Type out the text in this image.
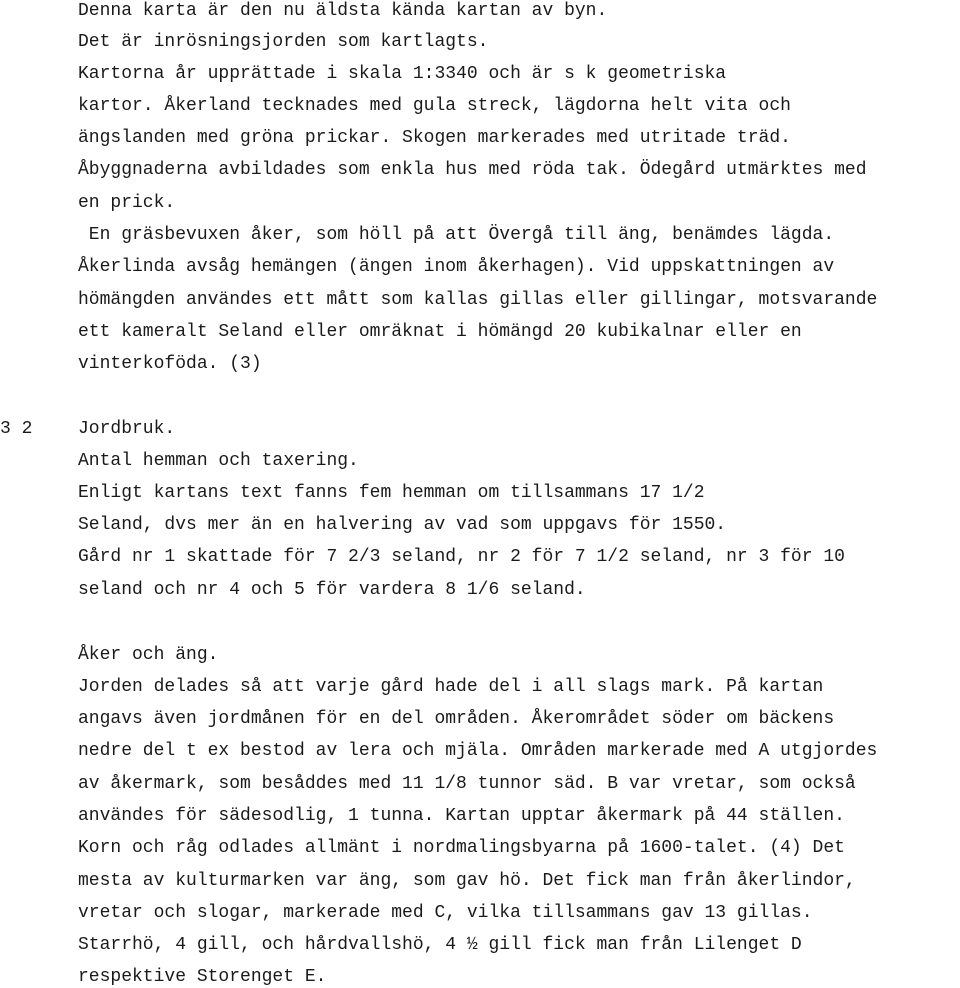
Denna karta är den nu äldsta kända kartan av byn.
Det är inrösningsjorden som kartlagts.
Kartorna år upprättade i skala 1:3340 och är s k geometriska
kartor. Åkerland tecknades med gula streck, lägdorna helt vita och
ängslanden med gröna prickar. Skogen markerades med utritade träd.
Åbyggnaderna avbildades som enkla hus med röda tak. Ödegård utmärktes med
en prick.
En gräsbevuxen åker, som höll på att Övergå till äng, benämdes lägda.
Åkerlinda avsåg hemängen (ängen inom åkerhagen). Vid uppskattningen av
hömängden användes ett mått som kallas gillas eller gillingar, motsvarande
ett kameralt Seland eller omräknat i hömängd 20 kubikalnar eller en
vinterkoföda. (3)
3 2	Jordbruk.
Antal hemman och taxering.
Enligt kartans text fanns fem hemman om tillsammans 17 1/2
Seland, dvs mer än en halvering av vad som uppgavs för 1550.
Gård nr 1 skattade för 7 2/3 seland, nr 2 för 7 1/2 seland, nr 3 för 10
seland och nr 4 och 5 för vardera 8 1/6 seland.
Åker och äng.
Jorden delades så att varje gård hade del i all slags mark. På kartan
angavs även jordmånen för en del områden. Åkerområdet söder om bäckens
nedre del t ex bestod av lera och mjäla. Områden markerade med A utgjordes
av åkermark, som besåddes med 11 1/8 tunnor säd. B var vretar, som också
användes för sädesodlig, 1 tunna. Kartan upptar åkermark på 44 ställen.
Korn och råg odlades allmänt i nordmalingsbyarna på 1600-talet. (4) Det
mesta av kulturmarken var äng, som gav hö. Det fick man från åkerlindor,
vretar och slogar, markerade med C, vilka tillsammans gav 13 gillas.
Starrhö, 4 gill, och hårdvallshö, 4 ½ gill fick man från Lilenget D
respektive Storenget E.
